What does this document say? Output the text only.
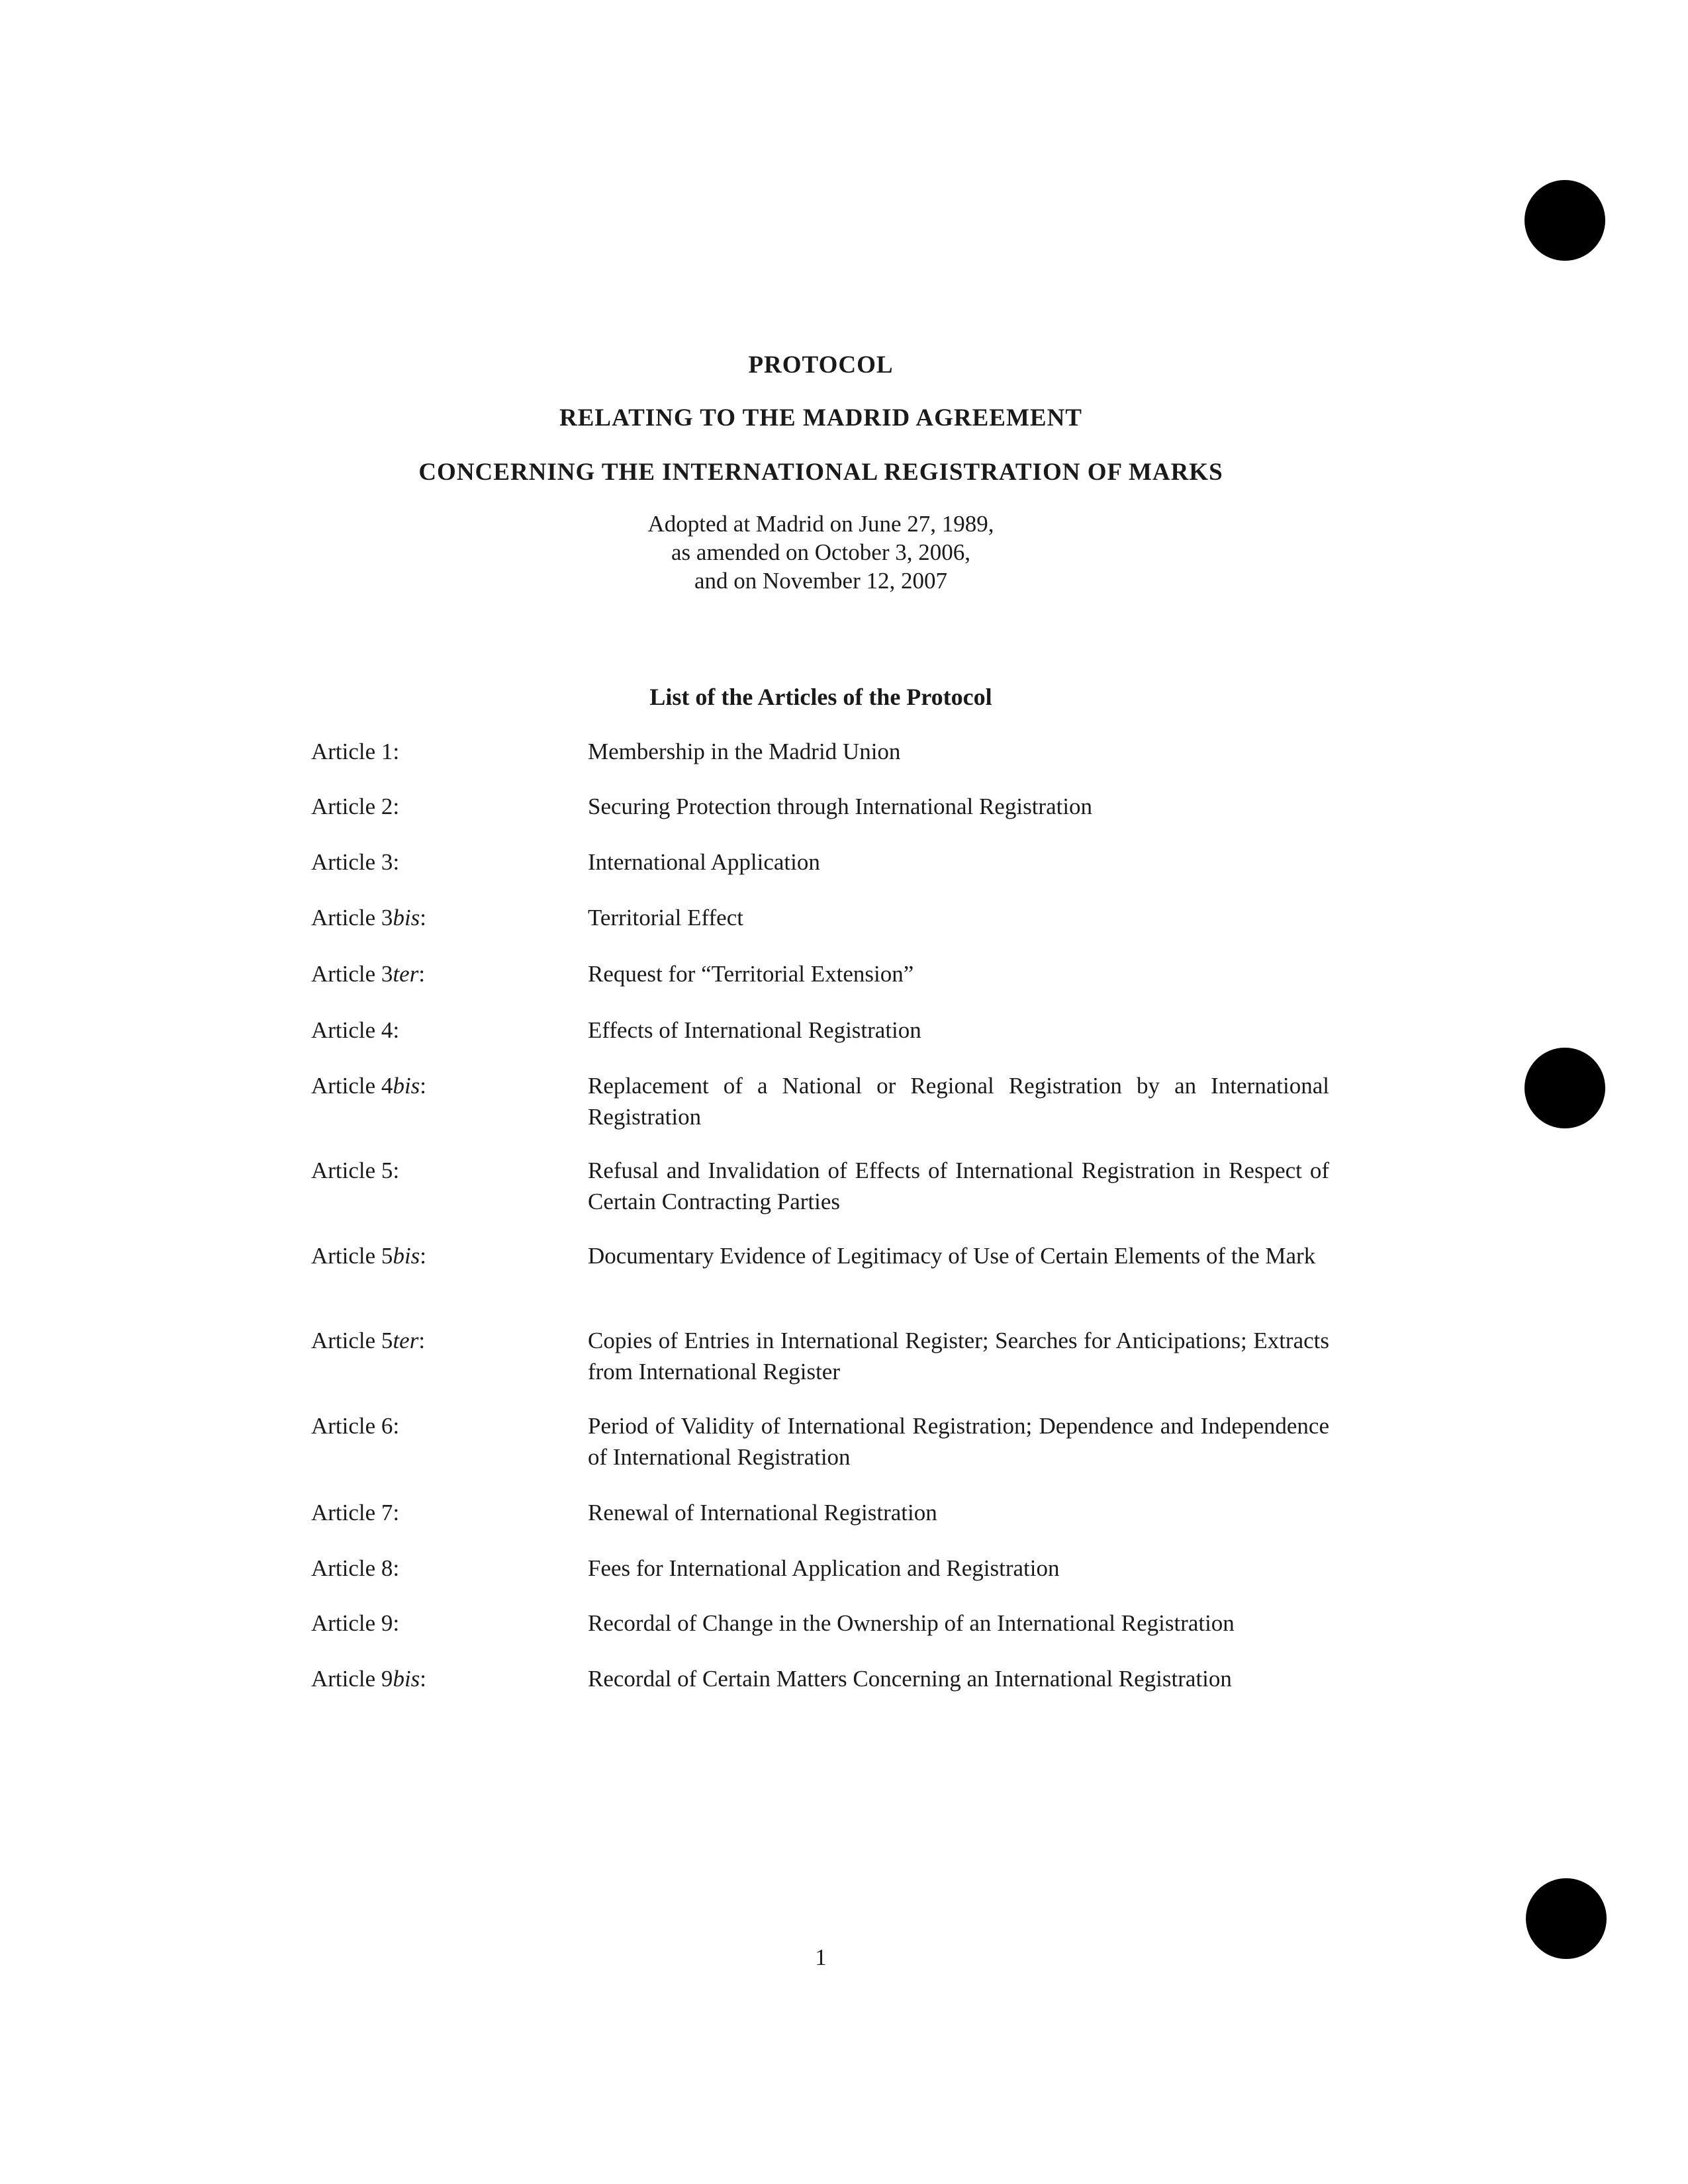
PROTOCOL
RELATING TO THE MADRID AGREEMENT
CONCERNING THE INTERNATIONAL REGISTRATION OF MARKS
Adopted at Madrid on June 27, 1989,
as amended on October 3, 2006,
and on November 12, 2007
List of the Articles of the Protocol
Article 1:	Membership in the Madrid Union
Article 2:	Securing Protection through International Registration
Article 3:	International Application
Article 3bis:	Territorial Effect
Article 3ter:	Request for “Territorial Extension”
Article 4:	Effects of International Registration
Article 4bis:	Replacement of a National or Regional Registration by an International Registration
Article 5:	Refusal and Invalidation of Effects of International Registration in Respect of Certain Contracting Parties
Article 5bis:	Documentary Evidence of Legitimacy of Use of Certain Elements of the Mark
Article 5ter:	Copies of Entries in International Register; Searches for Anticipations; Extracts from International Register
Article 6:	Period of Validity of International Registration; Dependence and Independence of International Registration
Article 7:	Renewal of International Registration
Article 8:	Fees for International Application and Registration
Article 9:	Recordal of Change in the Ownership of an International Registration
Article 9bis:	Recordal of Certain Matters Concerning an International Registration
1
